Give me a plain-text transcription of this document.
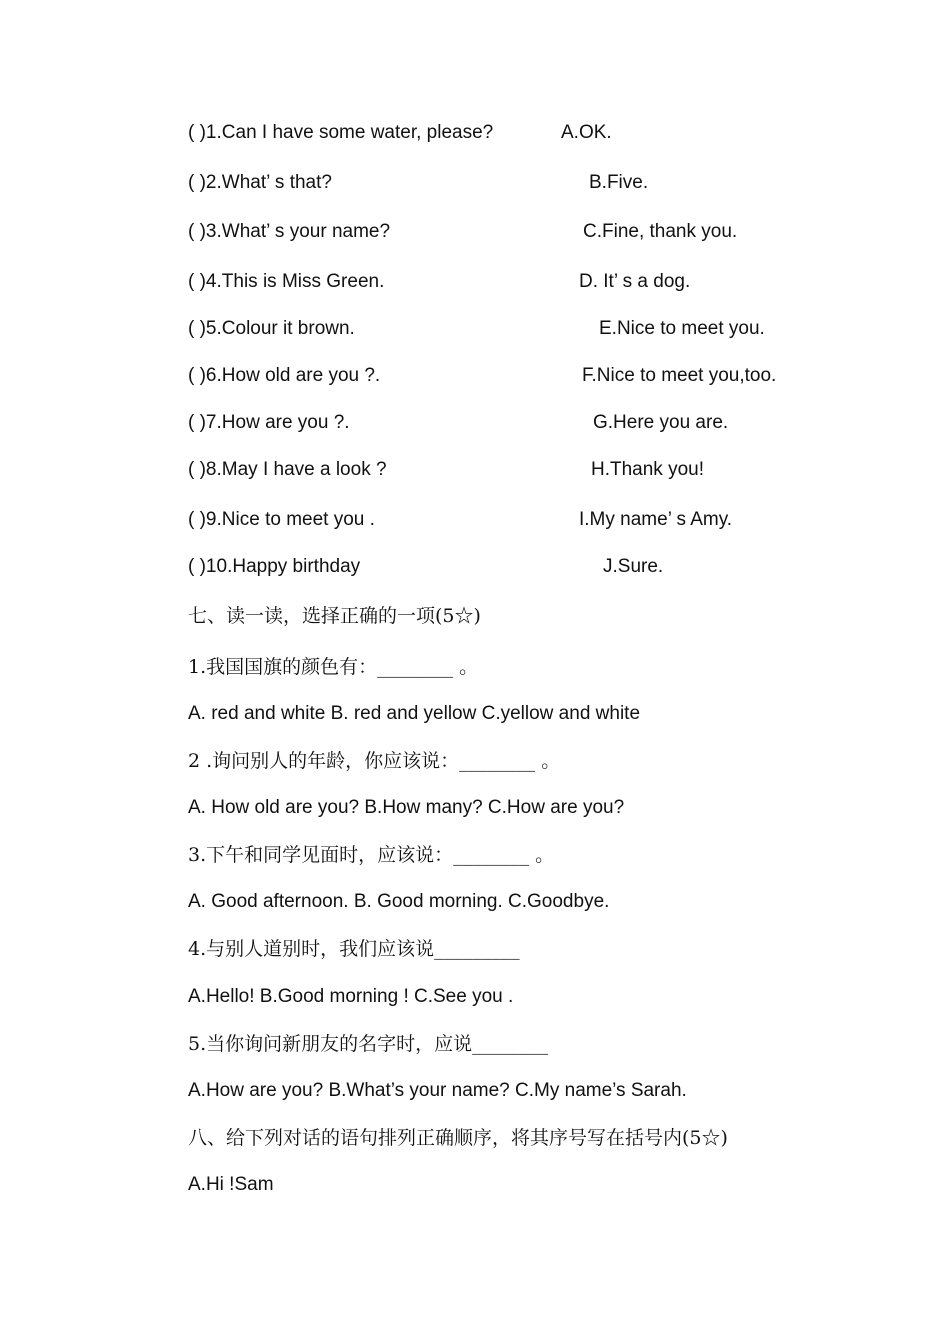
( )1.Can I have some water, please?	A.OK.
( )2.What’ s that?	B.Five.
( )3.What’ s your name?	C.Fine, thank you.
( )4.This is Miss Green.	D. It’ s a dog.
( )5.Colour it brown.	E.Nice to meet you.
( )6.How old are you ?.	F.Nice to meet you,too.
( )7.How are you ?.	G.Here you are.
( )8.May I have a look ?	H.Thank you!
( )9.Nice to meet you .	I.My name’ s Amy.
( )10.Happy birthday	J.Sure.
七、读一读，选择正确的一项(5☆)
1.我国国旗的颜色有：________ 。
A. red and white B. red and yellow C.yellow and white
2 .询问别人的年龄，你应该说：________ 。
A. How old are you? B.How many? C.How are you?
3.下午和同学见面时，应该说：________ 。
A. Good afternoon. B. Good morning. C.Goodbye.
4.与别人道别时，我们应该说_________
A.Hello! B.Good morning ! C.See you .
5.当你询问新朋友的名字时，应说________
A.How are you? B.What’s your name? C.My name’s Sarah.
八、给下列对话的语句排列正确顺序，将其序号写在括号内(5☆)
A.Hi !Sam
